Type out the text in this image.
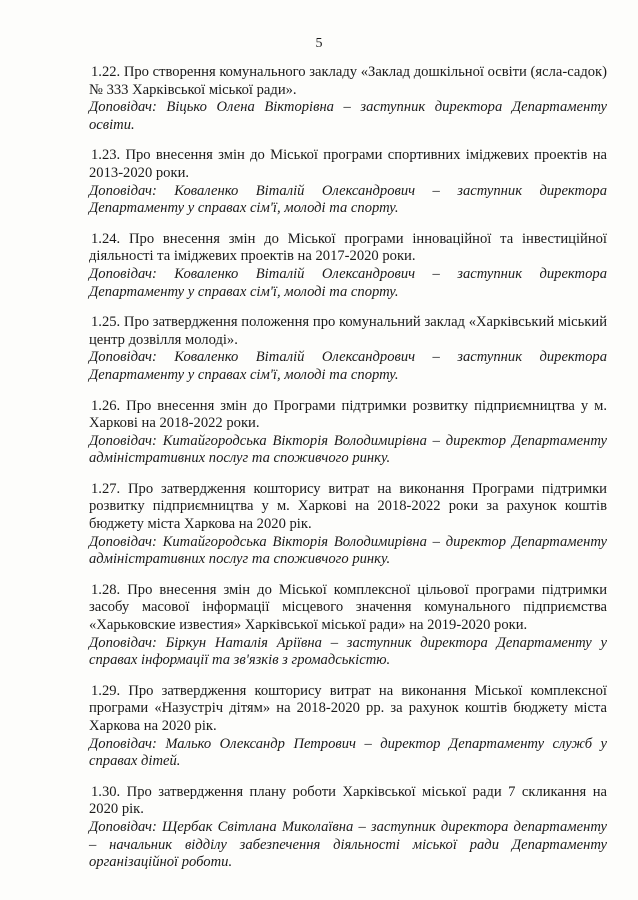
5
1.22. Про створення комунального закладу «Заклад дошкільної освіти (ясла-садок) № 333 Харківської міської ради».
Доповідач: Віцько Олена Вікторівна – заступник директора Департаменту освіти.
1.23. Про внесення змін до Міської програми спортивних іміджевих проектів на 2013-2020 роки.
Доповідач: Коваленко Віталій Олександрович – заступник директора Департаменту у справах сім'ї, молоді та спорту.
1.24. Про внесення змін до Міської програми інноваційної та інвестиційної діяльності та іміджевих проектів на 2017-2020 роки.
Доповідач: Коваленко Віталій Олександрович – заступник директора Департаменту у справах сім'ї, молоді та спорту.
1.25. Про затвердження положення про комунальний заклад «Харківський міський центр дозвілля молоді».
Доповідач: Коваленко Віталій Олександрович – заступник директора Департаменту у справах сім'ї, молоді та спорту.
1.26. Про внесення змін до Програми підтримки розвитку підприємництва у м. Харкові на 2018-2022 роки.
Доповідач: Китайгородська Вікторія Володимирівна – директор Департаменту адміністративних послуг та споживчого ринку.
1.27. Про затвердження кошторису витрат на виконання Програми підтримки розвитку підприємництва у м. Харкові на 2018-2022 роки за рахунок коштів бюджету міста Харкова на 2020 рік.
Доповідач: Китайгородська Вікторія Володимирівна – директор Департаменту адміністративних послуг та споживчого ринку.
1.28. Про внесення змін до Міської комплексної цільової програми підтримки засобу масової інформації місцевого значення комунального підприємства «Харьковские известия» Харківської міської ради» на 2019-2020 роки.
Доповідач: Біркун Наталія Аріївна – заступник директора Департаменту у справах інформації та зв'язків з громадськістю.
1.29. Про затвердження кошторису витрат на виконання Міської комплексної програми «Назустріч дітям» на 2018-2020 рр. за рахунок коштів бюджету міста Харкова на 2020 рік.
Доповідач: Малько Олександр Петрович – директор Департаменту служб у справах дітей.
1.30. Про затвердження плану роботи Харківської міської ради 7 скликання на 2020 рік.
Доповідач: Щербак Світлана Миколаївна – заступник директора департаменту – начальник відділу забезпечення діяльності міської ради Департаменту організаційної роботи.
